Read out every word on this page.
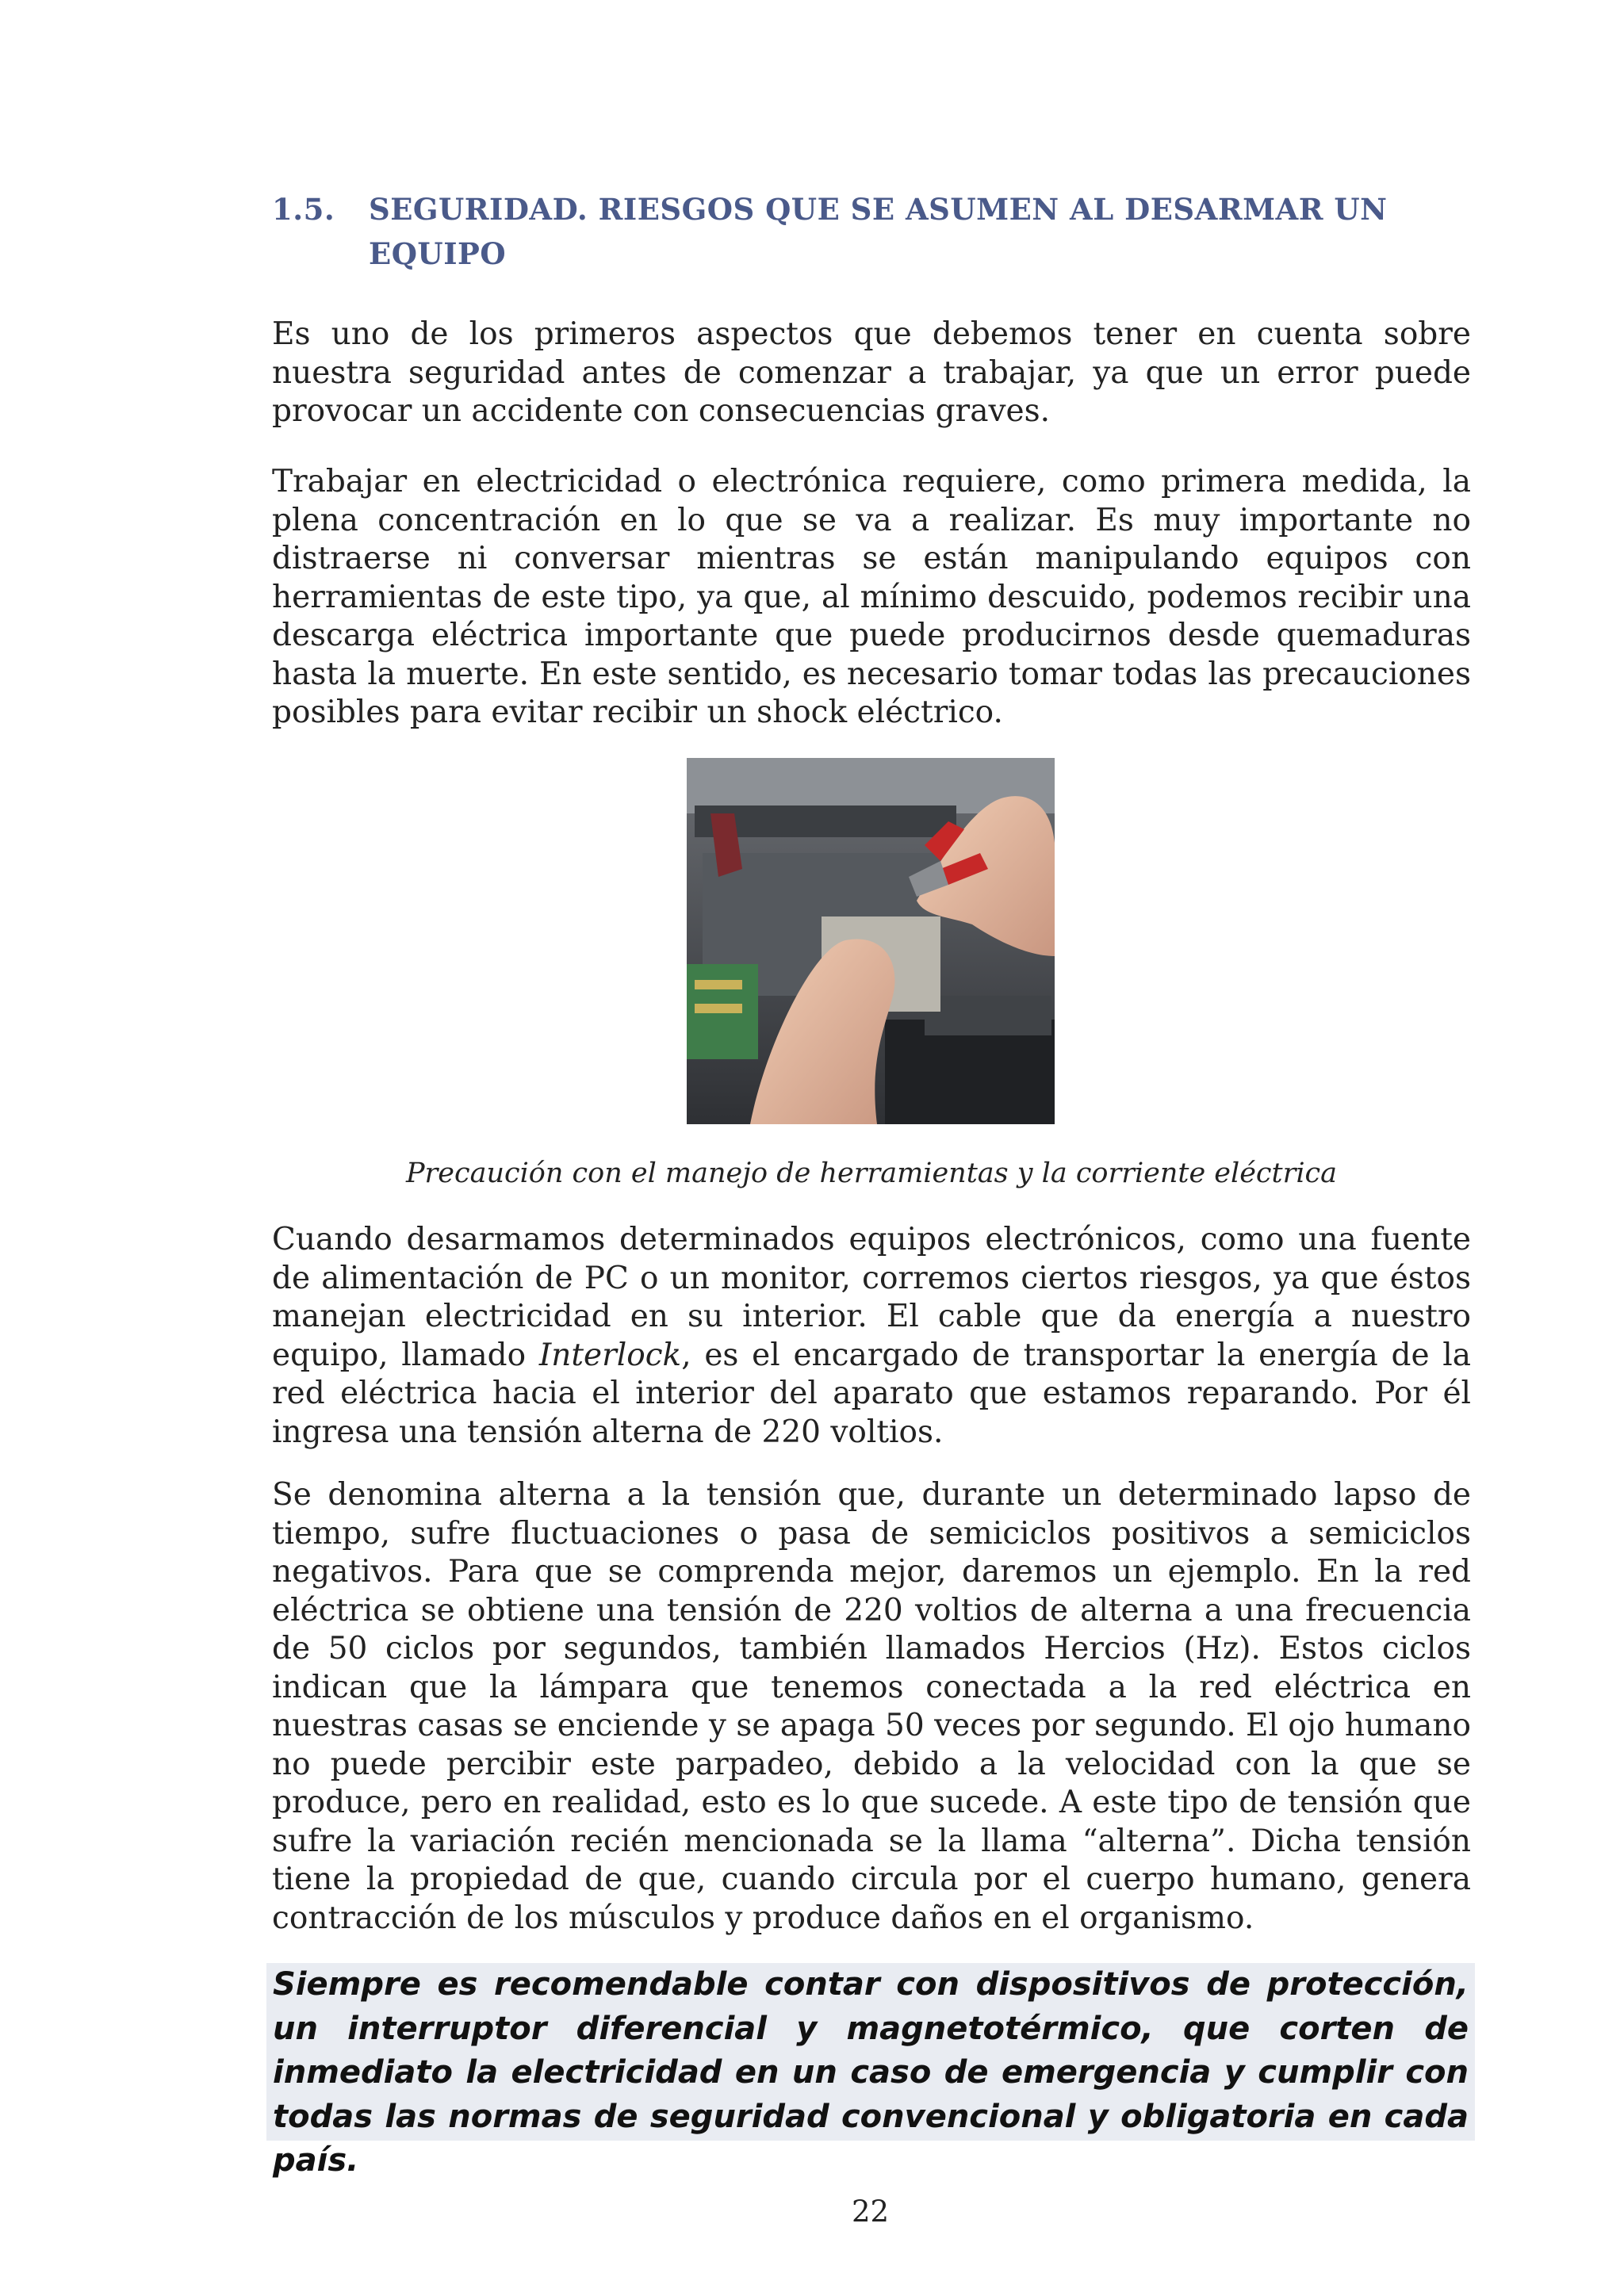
1.5. SEGURIDAD. RIESGOS QUE SE ASUMEN AL DESARMAR UN EQUIPO

Es uno de los primeros aspectos que debemos tener en cuenta sobre nuestra seguridad antes de comenzar a trabajar, ya que un error puede provocar un accidente con consecuencias graves.

Trabajar en electricidad o electrónica requiere, como primera medida, la plena concentración en lo que se va a realizar. Es muy importante no distraerse ni conversar mientras se están manipulando equipos con herramientas de este tipo, ya que, al mínimo descuido, podemos recibir una descarga eléctrica importante que puede producirnos desde quemaduras hasta la muerte. En este sentido, es necesario tomar todas las precauciones posibles para evitar recibir un shock eléctrico.

Precaución con el manejo de herramientas y la corriente eléctrica

Cuando desarmamos determinados equipos electrónicos, como una fuente de alimentación de PC o un monitor, corremos ciertos riesgos, ya que éstos manejan electricidad en su interior. El cable que da energía a nuestro equipo, llamado Interlock, es el encargado de transportar la energía de la red eléctrica hacia el interior del aparato que estamos reparando. Por él ingresa una tensión alterna de 220 voltios.

Se denomina alterna a la tensión que, durante un determinado lapso de tiempo, sufre fluctuaciones o pasa de semiciclos positivos a semiciclos negativos. Para que se comprenda mejor, daremos un ejemplo. En la red eléctrica se obtiene una tensión de 220 voltios de alterna a una frecuencia de 50 ciclos por segundos, también llamados Hercios (Hz). Estos ciclos indican que la lámpara que tenemos conectada a la red eléctrica en nuestras casas se enciende y se apaga 50 veces por segundo. El ojo humano no puede percibir este parpadeo, debido a la velocidad con la que se produce, pero en realidad, esto es lo que sucede. A este tipo de tensión que sufre la variación recién mencionada se la llama “alterna”. Dicha tensión tiene la propiedad de que, cuando circula por el cuerpo humano, genera contracción de los músculos y produce daños en el organismo.

Siempre es recomendable contar con dispositivos de protección, un interruptor diferencial y magnetotérmico, que corten de inmediato la electricidad en un caso de emergencia y cumplir con todas las normas de seguridad convencional y obligatoria en cada país.

22
